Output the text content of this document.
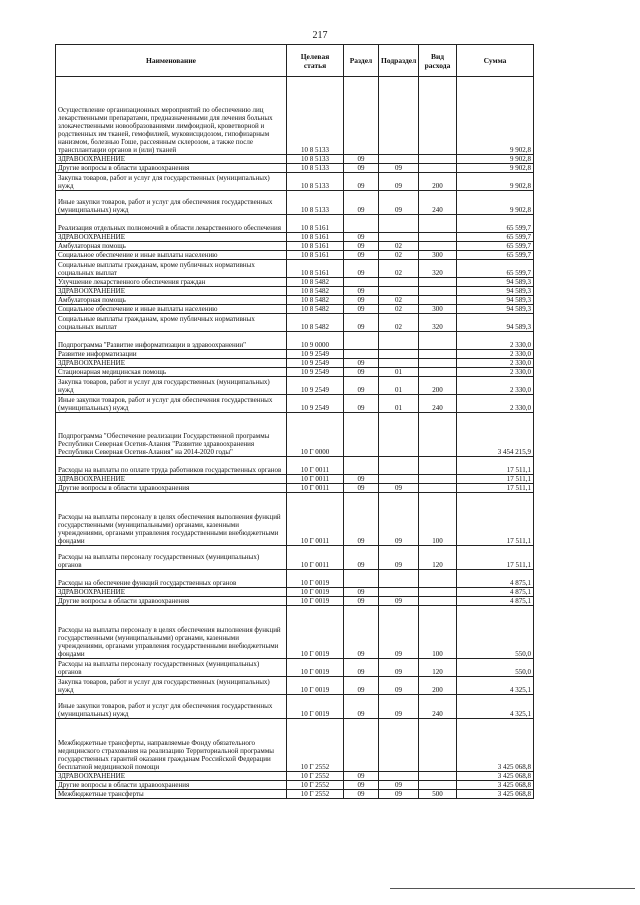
217
Наименование	Целевая статья	Раздел	Подраздел	Вид расхода	Сумма
Осуществление организационных мероприятий по обеспечению лиц лекарственными препаратами, предназначенными для лечения больных злокачественными новообразованиями лимфоидной, кроветворной и родственных им тканей, гемофилией, муковисцидозом, гипофизарным нанизмом, болезнью Гоше, рассеянным склерозом, а также после трансплантации органов и (или) тканей	10 8 5133				9 902,8
ЗДРАВООХРАНЕНИЕ	10 8 5133	09			9 902,8
Другие вопросы в области здравоохранения	10 8 5133	09	09		9 902,8
Закупка товаров, работ и услуг для государственных (муниципальных) нужд	10 8 5133	09	09	200	9 902,8
Иные закупки товаров, работ и услуг для обеспечения государственных (муниципальных) нужд	10 8 5133	09	09	240	9 902,8
Реализация отдельных полномочий в области лекарственного обеспечения	10 8 5161				65 599,7
ЗДРАВООХРАНЕНИЕ	10 8 5161	09			65 599,7
Амбулаторная помощь	10 8 5161	09	02		65 599,7
Социальное обеспечение и иные выплаты населению	10 8 5161	09	02	300	65 599,7
Социальные выплаты гражданам, кроме публичных нормативных социальных выплат	10 8 5161	09	02	320	65 599,7
Улучшение лекарственного обеспечения граждан	10 8 5482				94 589,3
ЗДРАВООХРАНЕНИЕ	10 8 5482	09			94 589,3
Амбулаторная помощь	10 8 5482	09	02		94 589,3
Социальное обеспечение и иные выплаты населению	10 8 5482	09	02	300	94 589,3
Социальные выплаты гражданам, кроме публичных нормативных социальных выплат	10 8 5482	09	02	320	94 589,3
Подпрограмма "Развитие информатизации в здравоохранении"	10 9 0000				2 330,0
Развитие информатизации	10 9 2549				2 330,0
ЗДРАВООХРАНЕНИЕ	10 9 2549	09			2 330,0
Стационарная медицинская помощь	10 9 2549	09	01		2 330,0
Закупка товаров, работ и услуг для государственных (муниципальных) нужд	10 9 2549	09	01	200	2 330,0
Иные закупки товаров, работ и услуг для обеспечения государственных (муниципальных) нужд	10 9 2549	09	01	240	2 330,0
Подпрограмма "Обеспечение реализации Государственной программы Республики Северная Осетия-Алания "Развитие здравоохранения Республики Северная Осетия-Алания" на 2014-2020 годы"	10 Г 0000				3 454 215,9
Расходы на выплаты по оплате труда работников государственных органов	10 Г 0011				17 511,1
ЗДРАВООХРАНЕНИЕ	10 Г 0011	09			17 511,1
Другие вопросы в области здравоохранения	10 Г 0011	09	09		17 511,1
Расходы на выплаты персоналу в целях обеспечения выполнения функций государственными (муниципальными) органами, казенными учреждениями, органами управления государственными внебюджетными фондами	10 Г 0011	09	09	100	17 511,1
Расходы на выплаты персоналу государственных (муниципальных) органов	10 Г 0011	09	09	120	17 511,1
Расходы на обеспечение функций государственных органов	10 Г 0019				4 875,1
ЗДРАВООХРАНЕНИЕ	10 Г 0019	09			4 875,1
Другие вопросы в области здравоохранения	10 Г 0019	09	09		4 875,1
Расходы на выплаты персоналу в целях обеспечения выполнения функций государственными (муниципальными) органами, казенными учреждениями, органами управления государственными внебюджетными фондами	10 Г 0019	09	09	100	550,0
Расходы на выплаты персоналу государственных (муниципальных) органов	10 Г 0019	09	09	120	550,0
Закупка товаров, работ и услуг для государственных (муниципальных) нужд	10 Г 0019	09	09	200	4 325,1
Иные закупки товаров, работ и услуг для обеспечения государственных (муниципальных) нужд	10 Г 0019	09	09	240	4 325,1
Межбюджетные трансферты, направляемые Фонду обязательного медицинского страхования на реализацию Территориальной программы государственных гарантий оказания гражданам Российской Федерации бесплатной медицинской помощи	10 Г 2552				3 425 068,8
ЗДРАВООХРАНЕНИЕ	10 Г 2552	09			3 425 068,8
Другие вопросы в области здравоохранения	10 Г 2552	09	09		3 425 068,8
Межбюджетные трансферты	10 Г 2552	09	09	500	3 425 068,8
